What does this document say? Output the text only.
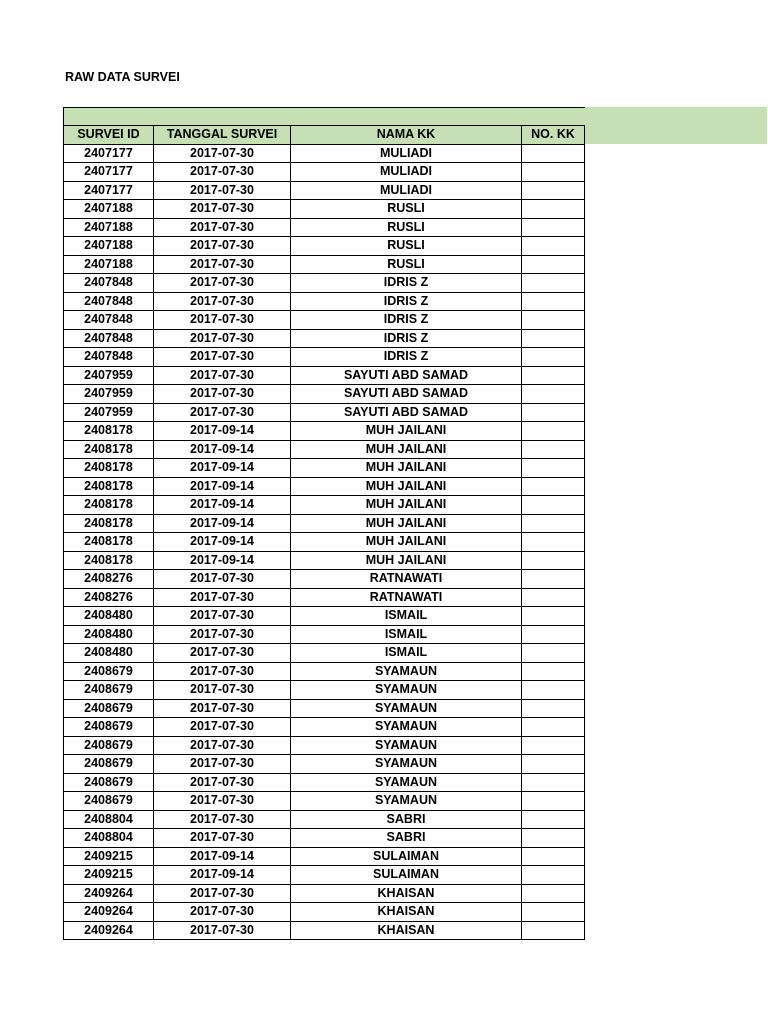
RAW DATA SURVEI

SURVEI ID	TANGGAL SURVEI	NAMA KK	NO. KK
2407177	2017-07-30	MULIADI	
2407177	2017-07-30	MULIADI	
2407177	2017-07-30	MULIADI	
2407188	2017-07-30	RUSLI	
2407188	2017-07-30	RUSLI	
2407188	2017-07-30	RUSLI	
2407188	2017-07-30	RUSLI	
2407848	2017-07-30	IDRIS Z	
2407848	2017-07-30	IDRIS Z	
2407848	2017-07-30	IDRIS Z	
2407848	2017-07-30	IDRIS Z	
2407848	2017-07-30	IDRIS Z	
2407959	2017-07-30	SAYUTI ABD SAMAD	
2407959	2017-07-30	SAYUTI ABD SAMAD	
2407959	2017-07-30	SAYUTI ABD SAMAD	
2408178	2017-09-14	MUH JAILANI	
2408178	2017-09-14	MUH JAILANI	
2408178	2017-09-14	MUH JAILANI	
2408178	2017-09-14	MUH JAILANI	
2408178	2017-09-14	MUH JAILANI	
2408178	2017-09-14	MUH JAILANI	
2408178	2017-09-14	MUH JAILANI	
2408178	2017-09-14	MUH JAILANI	
2408276	2017-07-30	RATNAWATI	
2408276	2017-07-30	RATNAWATI	
2408480	2017-07-30	ISMAIL	
2408480	2017-07-30	ISMAIL	
2408480	2017-07-30	ISMAIL	
2408679	2017-07-30	SYAMAUN	
2408679	2017-07-30	SYAMAUN	
2408679	2017-07-30	SYAMAUN	
2408679	2017-07-30	SYAMAUN	
2408679	2017-07-30	SYAMAUN	
2408679	2017-07-30	SYAMAUN	
2408679	2017-07-30	SYAMAUN	
2408679	2017-07-30	SYAMAUN	
2408804	2017-07-30	SABRI	
2408804	2017-07-30	SABRI	
2409215	2017-09-14	SULAIMAN	
2409215	2017-09-14	SULAIMAN	
2409264	2017-07-30	KHAISAN	
2409264	2017-07-30	KHAISAN	
2409264	2017-07-30	KHAISAN	
